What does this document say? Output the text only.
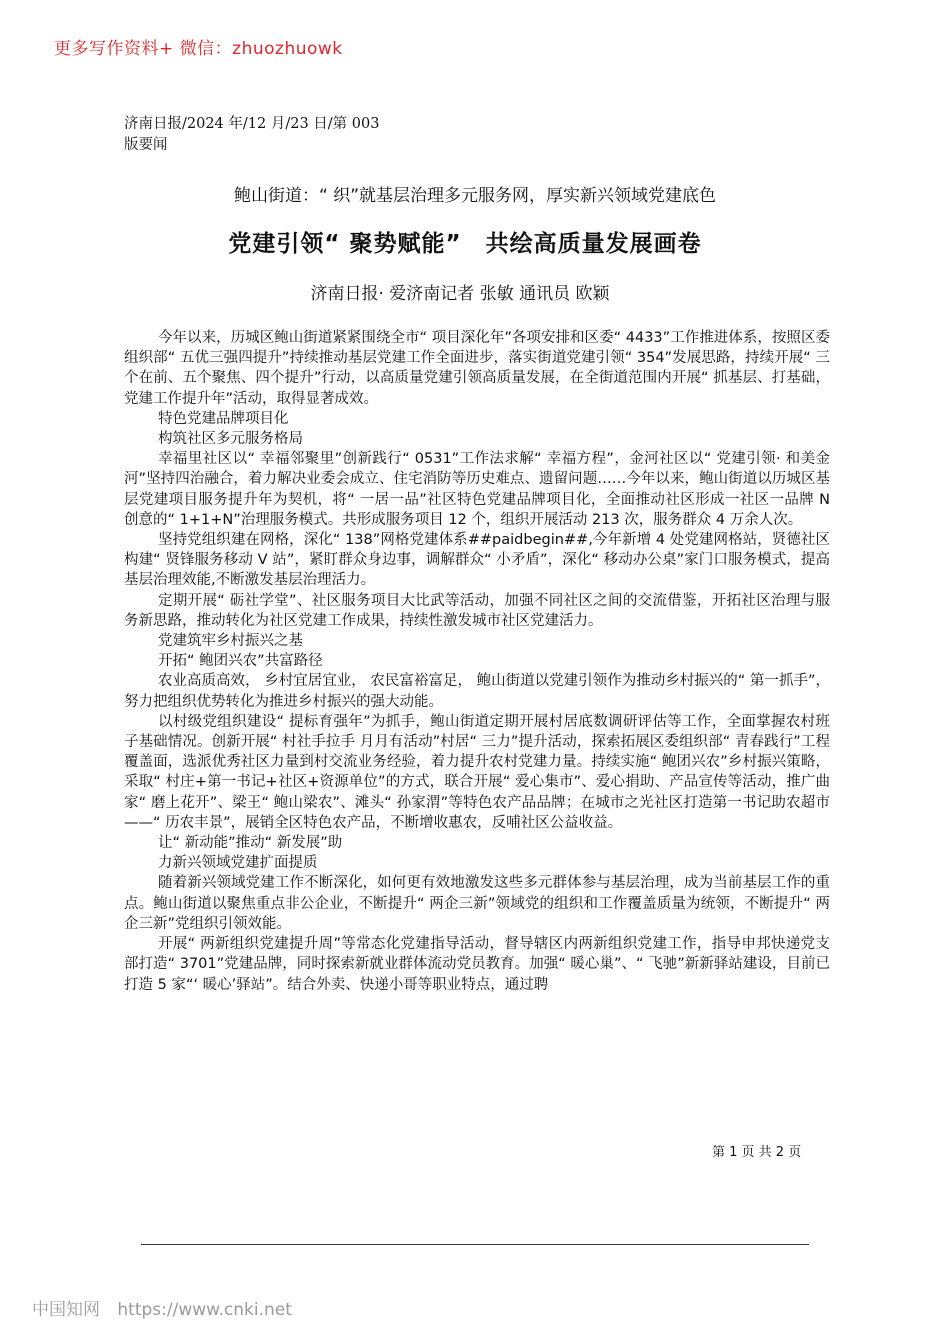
更多写作资料+ 微信：zhuozhuowk
济南日报/2024 年/12 月/23 日/第 003
版要闻
鲍山街道：“ 织”就基层治理多元服务网，厚实新兴领域党建底色
党建引领“ 聚势赋能”　共绘高质量发展画卷
济南日报· 爱济南记者 张敏 通讯员 欧颖

今年以来，历城区鲍山街道紧紧围绕全市“ 项目深化年”各项安排和区委“ 4433”工作推进体系，按照区委组织部“ 五优三强四提升”持续推动基层党建工作全面进步，落实街道党建引领“ 354”发展思路，持续开展“ 三个在前、五个聚焦、四个提升”行动，以高质量党建引领高质量发展，在全街道范围内开展“ 抓基层、打基础，党建工作提升年”活动，取得显著成效。

特色党建品牌项目化

构筑社区多元服务格局

幸福里社区以“ 幸福邻聚里”创新践行“ 0531”工作法求解“ 幸福方程”，金河社区以“ 党建引领· 和美金河”坚持四治融合，着力解决业委会成立、住宅消防等历史难点、遗留问题……今年以来，鲍山街道以历城区基层党建项目服务提升年为契机，将“ 一居一品”社区特色党建品牌项目化，全面推动社区形成一社区一品牌 N 创意的“ 1+1+N”治理服务模式。共形成服务项目 12 个，组织开展活动 213 次，服务群众 4 万余人次。

坚持党组织建在网格，深化“ 138”网格党建体系##paidbegin##,今年新增 4 处党建网格站，贤德社区构建“ 贤锋服务移动 V 站”，紧盯群众身边事，调解群众“ 小矛盾”，深化“ 移动办公桌”家门口服务模式，提高基层治理效能,不断激发基层治理活力。

定期开展“ 砺社学堂”、社区服务项目大比武等活动，加强不同社区之间的交流借鉴，开拓社区治理与服务新思路，推动转化为社区党建工作成果，持续性激发城市社区党建活力。

党建筑牢乡村振兴之基

开拓“ 鲍团兴农”共富路径

农业高质高效， 乡村宜居宜业， 农民富裕富足， 鲍山街道以党建引领作为推动乡村振兴的“ 第一抓手”，努力把组织优势转化为推进乡村振兴的强大动能。

以村级党组织建设“ 提标育强年”为抓手，鲍山街道定期开展村居底数调研评估等工作，全面掌握农村班子基础情况。创新开展“ 村社手拉手 月月有活动”村居“ 三力”提升活动，探索拓展区委组织部“ 青春践行”工程覆盖面，选派优秀社区力量到村交流业务经验，着力提升农村党建力量。持续实施“ 鲍团兴农”乡村振兴策略，采取“ 村庄+第一书记+社区+资源单位”的方式，联合开展“ 爱心集市”、爱心捐助、产品宣传等活动，推广曲家“ 磨上花开”、梁王“ 鲍山梁农”、滩头“ 孙家渭”等特色农产品品牌；在城市之光社区打造第一书记助农超市——“ 历农丰景”，展销全区特色农产品，不断增收惠农，反哺社区公益收益。

让“ 新动能”推动“ 新发展”助

力新兴领域党建扩面提质

随着新兴领域党建工作不断深化，如何更有效地激发这些多元群体参与基层治理，成为当前基层工作的重点。鲍山街道以聚焦重点非公企业，不断提升“ 两企三新”领域党的组织和工作覆盖质量为统领，不断提升“ 两企三新”党组织引领效能。

开展“ 两新组织党建提升周”等常态化党建指导活动，督导辖区内两新组织党建工作，指导申邦快递党支部打造“ 3701”党建品牌，同时探索新就业群体流动党员教育。加强“ 暖心巢”、“ 飞驰”新新驿站建设，目前已打造 5 家“‘ 暖心’驿站”。结合外卖、快递小哥等职业特点，通过聘

第 1 页 共 2 页
中国知网 https://www.cnki.net
